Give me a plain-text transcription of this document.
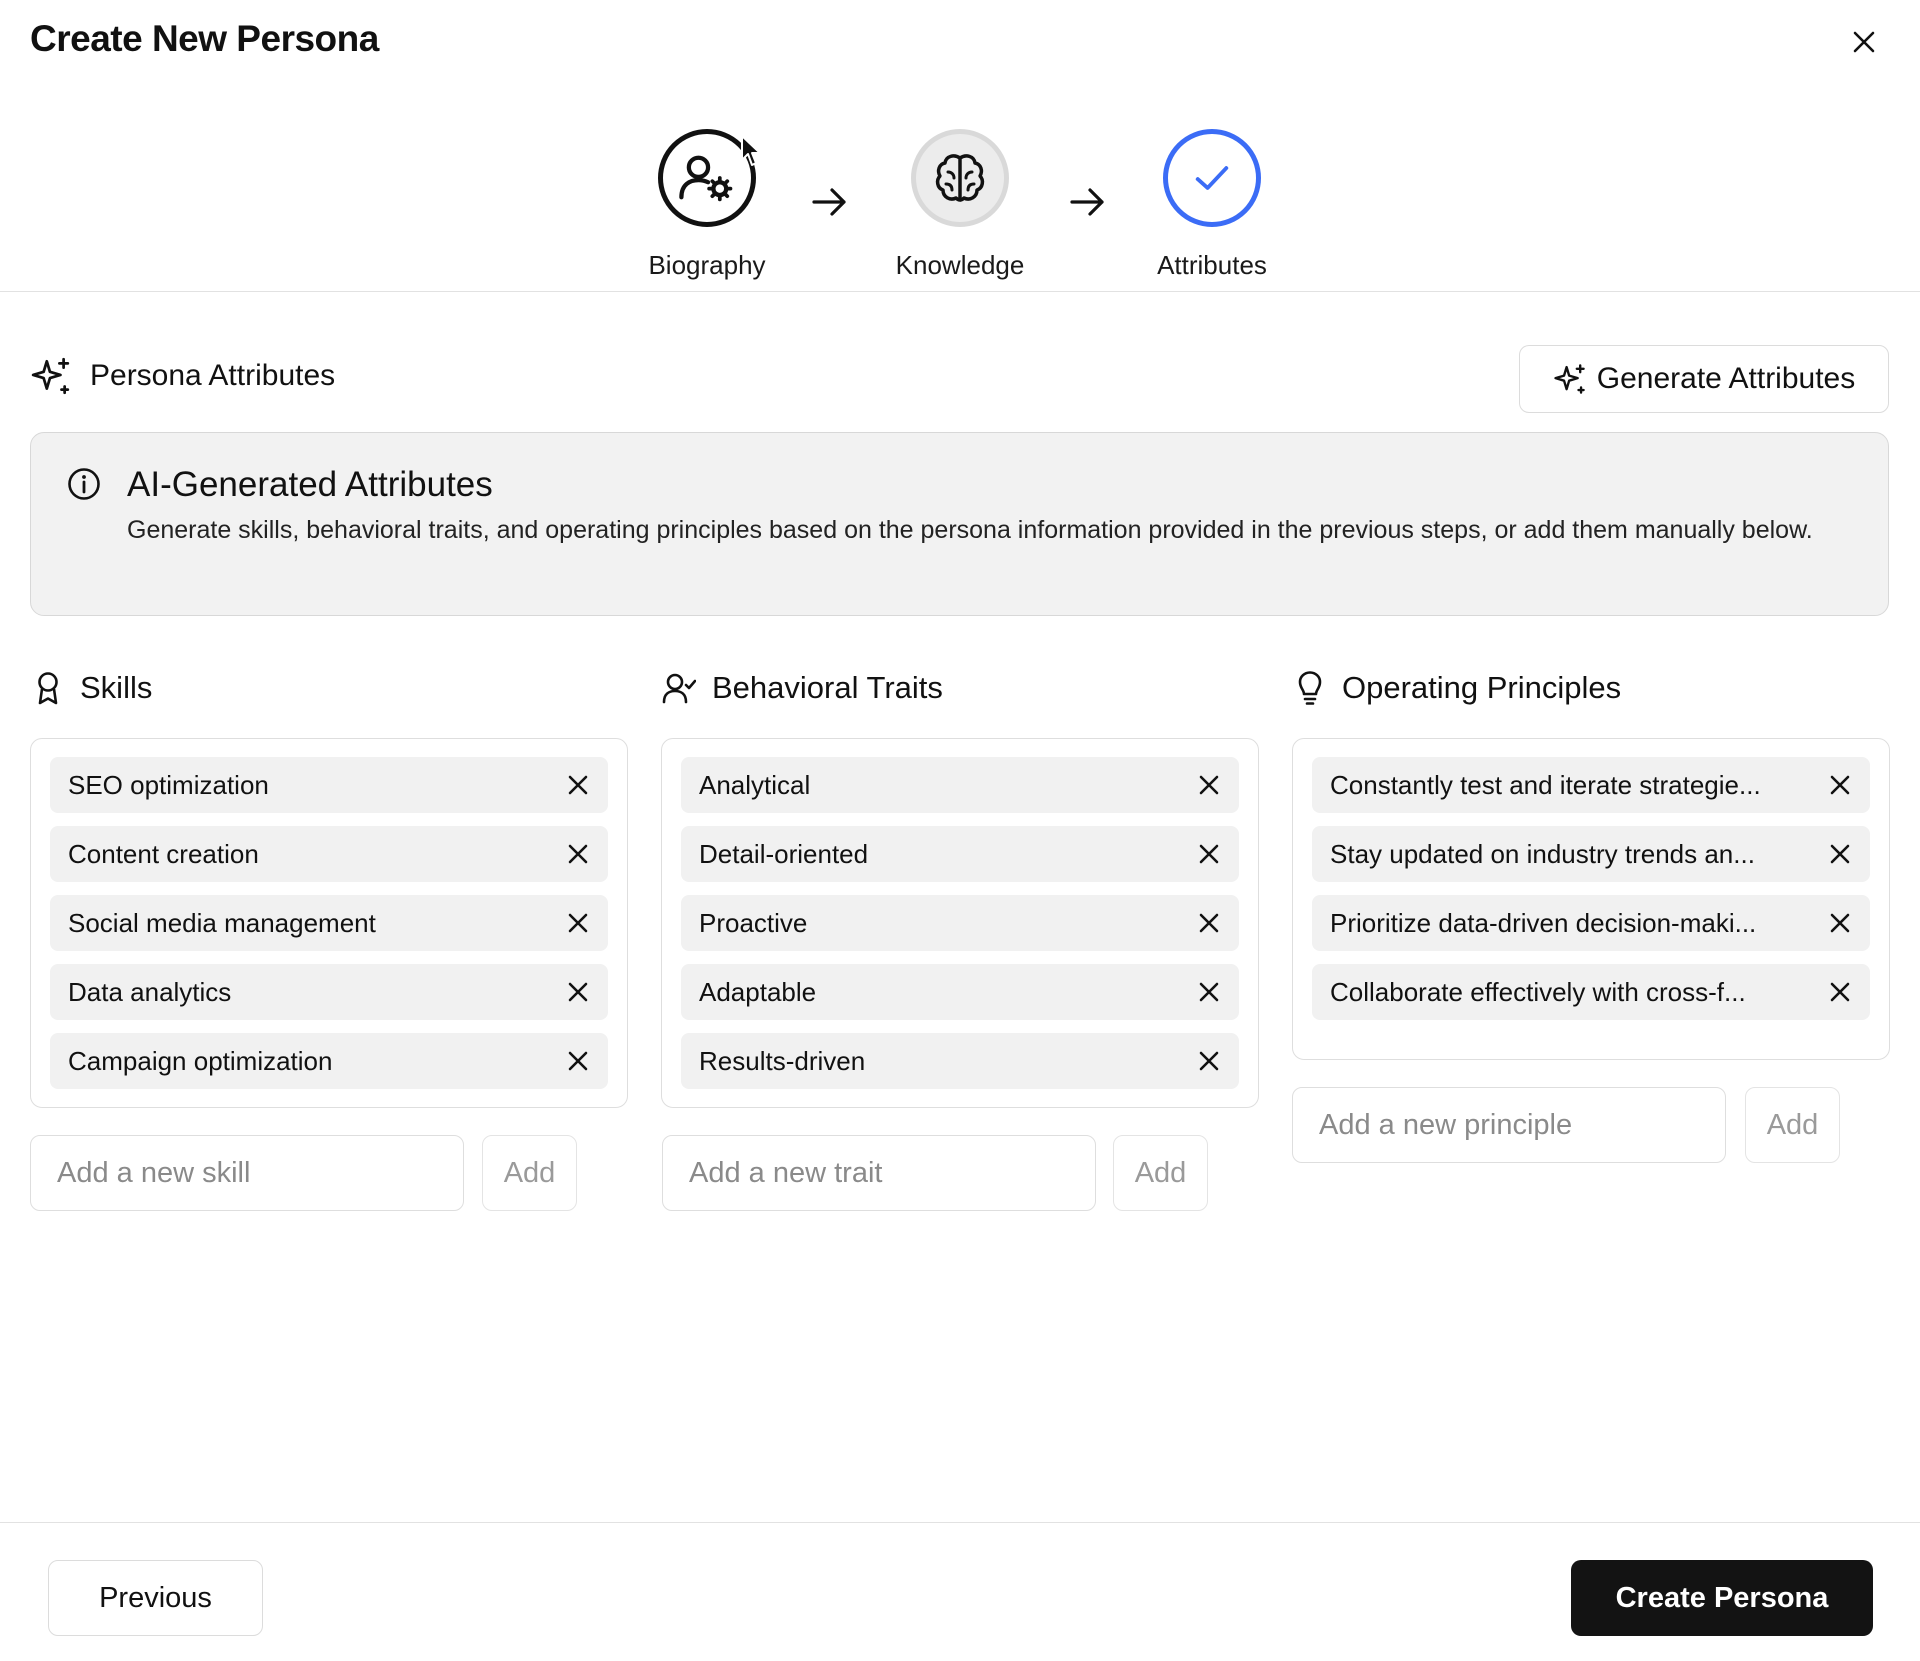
Create New Persona
Biography	Knowledge	Attributes
Persona Attributes	Generate Attributes
AI-Generated Attributes
Generate skills, behavioral traits, and operating principles based on the persona information provided in the previous steps, or add them manually below.
Skills
SEO optimization
Content creation
Social media management
Data analytics
Campaign optimization
Add a new skill
Add
Behavioral Traits
Analytical
Detail-oriented
Proactive
Adaptable
Results-driven
Add a new trait
Add
Operating Principles
Constantly test and iterate strategie...
Stay updated on industry trends an...
Prioritize data-driven decision-maki...
Collaborate effectively with cross-f...
Add a new principle
Add
Previous	Create Persona
